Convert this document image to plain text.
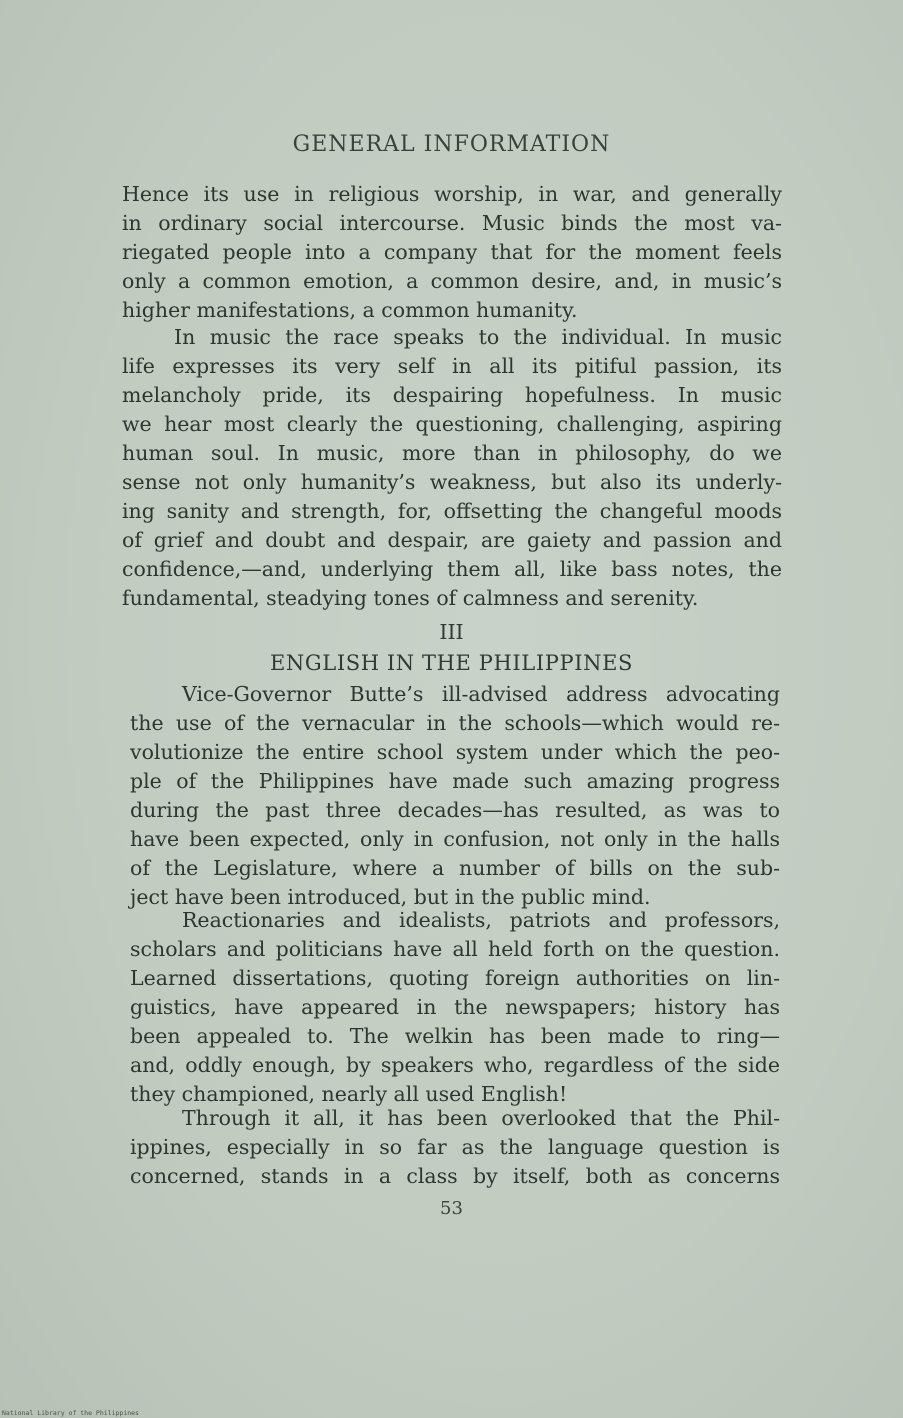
GENERAL INFORMATION
Hence its use in religious worship, in war, and generally
in ordinary social intercourse. Music binds the most va-
riegated people into a company that for the moment feels
only a common emotion, a common desire, and, in music’s
higher manifestations, a common humanity.
In music the race speaks to the individual. In music
life expresses its very self in all its pitiful passion, its
melancholy pride, its despairing hopefulness. In music
we hear most clearly the questioning, challenging, aspiring
human soul. In music, more than in philosophy, do we
sense not only humanity’s weakness, but also its underly-
ing sanity and strength, for, offsetting the changeful moods
of grief and doubt and despair, are gaiety and passion and
confidence,—and, underlying them all, like bass notes, the
fundamental, steadying tones of calmness and serenity.
III
ENGLISH IN THE PHILIPPINES
Vice-Governor Butte’s ill-advised address advocating
the use of the vernacular in the schools—which would re-
volutionize the entire school system under which the peo-
ple of the Philippines have made such amazing progress
during the past three decades—has resulted, as was to
have been expected, only in confusion, not only in the halls
of the Legislature, where a number of bills on the sub-
ject have been introduced, but in the public mind.
Reactionaries and idealists, patriots and professors,
scholars and politicians have all held forth on the question.
Learned dissertations, quoting foreign authorities on lin-
guistics, have appeared in the newspapers; history has
been appealed to. The welkin has been made to ring—
and, oddly enough, by speakers who, regardless of the side
they championed, nearly all used English!
Through it all, it has been overlooked that the Phil-
ippines, especially in so far as the language question is
concerned, stands in a class by itself, both as concerns
53
National Library of the Philippines
